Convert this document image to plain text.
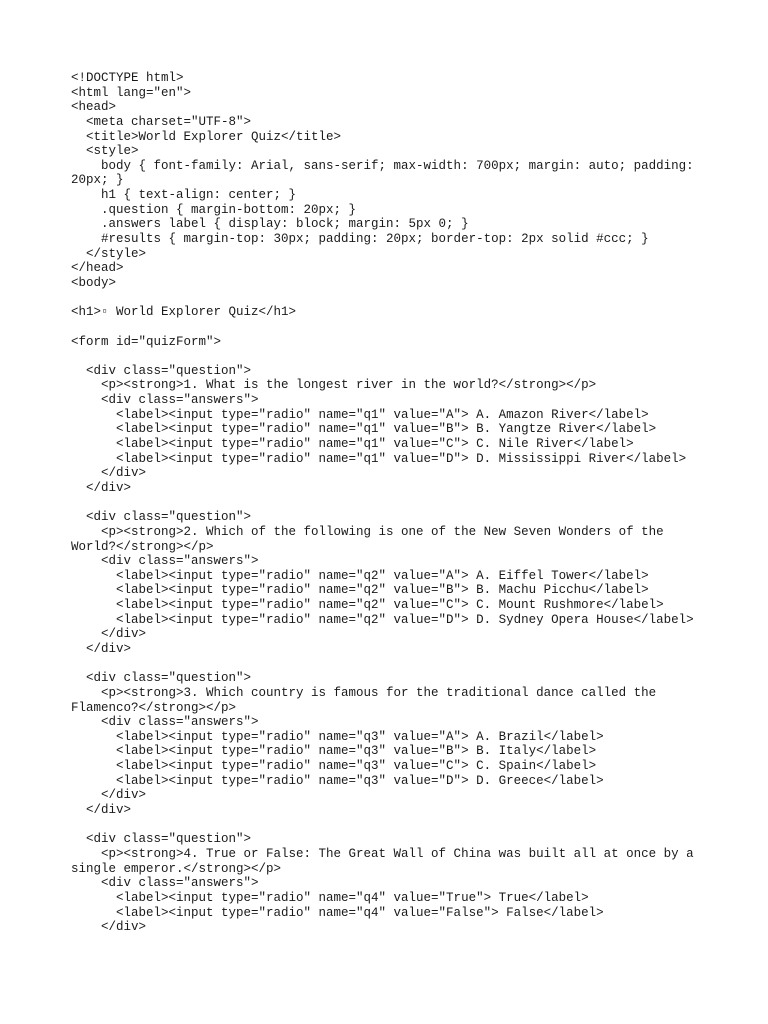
<!DOCTYPE html>
<html lang="en">
<head>
<meta charset="UTF-8">
<title>World Explorer Quiz</title>
<style>
body { font-family: Arial, sans-serif; max-width: 700px; margin: auto; padding:
20px; }
h1 { text-align: center; }
.question { margin-bottom: 20px; }
.answers label { display: block; margin: 5px 0; }
#results { margin-top: 30px; padding: 20px; border-top: 2px solid #ccc; }
</style>
</head>
<body>
<h1>▫ World Explorer Quiz</h1>
<form id="quizForm">
<div class="question">
<p><strong>1. What is the longest river in the world?</strong></p>
<div class="answers">
<label><input type="radio" name="q1" value="A"> A. Amazon River</label>
<label><input type="radio" name="q1" value="B"> B. Yangtze River</label>
<label><input type="radio" name="q1" value="C"> C. Nile River</label>
<label><input type="radio" name="q1" value="D"> D. Mississippi River</label>
</div>
</div>
<div class="question">
<p><strong>2. Which of the following is one of the New Seven Wonders of the
World?</strong></p>
<div class="answers">
<label><input type="radio" name="q2" value="A"> A. Eiffel Tower</label>
<label><input type="radio" name="q2" value="B"> B. Machu Picchu</label>
<label><input type="radio" name="q2" value="C"> C. Mount Rushmore</label>
<label><input type="radio" name="q2" value="D"> D. Sydney Opera House</label>
</div>
</div>
<div class="question">
<p><strong>3. Which country is famous for the traditional dance called the
Flamenco?</strong></p>
<div class="answers">
<label><input type="radio" name="q3" value="A"> A. Brazil</label>
<label><input type="radio" name="q3" value="B"> B. Italy</label>
<label><input type="radio" name="q3" value="C"> C. Spain</label>
<label><input type="radio" name="q3" value="D"> D. Greece</label>
</div>
</div>
<div class="question">
<p><strong>4. True or False: The Great Wall of China was built all at once by a
single emperor.</strong></p>
<div class="answers">
<label><input type="radio" name="q4" value="True"> True</label>
<label><input type="radio" name="q4" value="False"> False</label>
</div>
